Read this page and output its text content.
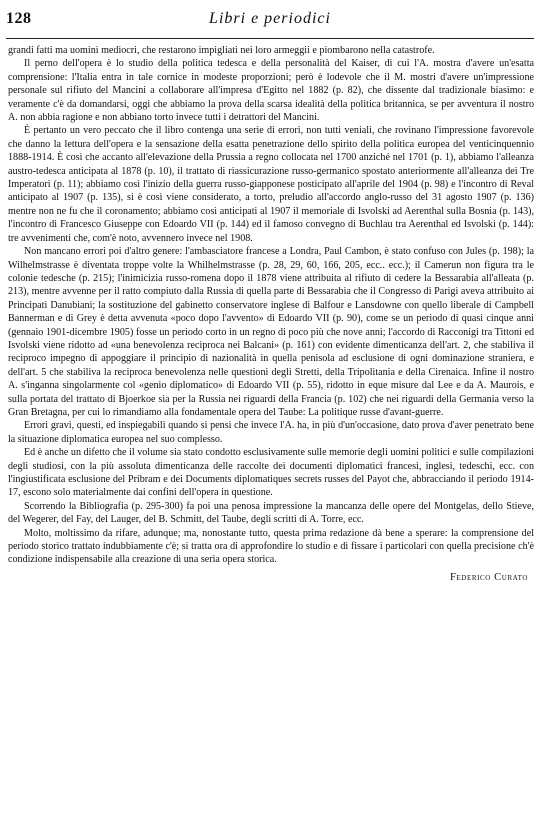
Libri e periodici
128

grandi fatti ma uomini mediocri, che restarono impigliati nei loro armeggii e piombarono nella catastrofe.

Il perno dell'opera è lo studio della politica tedesca e della personalità del Kaiser, di cui l'A. mostra d'avere un'esatta comprensione: l'Italia entra in tale cornice in modeste proporzioni; però è lodevole che il M. mostri d'avere un'impressione personale sul rifiuto del Mancini a collaborare all'impresa d'Egitto nel 1882 (p. 82), che dissente dal tradizionale biasimo: e veramente c'è da domandarsi, oggi che abbiamo la prova della scarsa idealità della politica britannica, se per avventura il nostro A. non abbia ragione e non abbiano torto invece tutti i detrattori del Mancini.

È pertanto un vero peccato che il libro contenga una serie di errori, non tutti veniali, che rovinano l'impressione favorevole che danno la lettura dell'opera e la sensazione della esatta penetrazione dello spirito della politica europea del venticinquennio 1888-1914. È così che accanto all'elevazione della Prussia a regno collocata nel 1700 anziché nel 1701 (p. 1), abbiamo l'alleanza austro-tedesca anticipata al 1878 (p. 10), il trattato di riassicurazione russo-germanico spostato anteriormente all'alleanza dei Tre Imperatori (p. 11); abbiamo così l'inizio della guerra russo-giapponese posticipato all'aprile del 1904 (p. 98) e l'incontro di Reval anticipato al 1907 (p. 135), si è così viene considerato, a torto, preludio all'accordo anglo-russo del 31 agosto 1907 (p. 136) mentre non ne fu che il coronamento; abbiamo così anticipati al 1907 il memoriale di Isvolski ad Aerenthal sulla Bosnia (p. 143), l'incontro di Francesco Giuseppe con Edoardo VII (p. 144) ed il famoso convegno di Buchlau tra Aerenthal ed Isvolski (p. 144): tre avvenimenti che, com'è noto, avvennero invece nel 1908.

Non mancano errori poi d'altro genere: l'ambasciatore francese a Londra, Paul Cambon, è stato confuso con Jules (p. 198); la Wilhelmstrasse è diventata troppe volte la Whilhelmstrasse (p. 28, 29, 60, 166, 205, ecc.. ecc.); il Camerun non figura tra le colonie tedesche (p. 215); l'inimicizia russo-romena dopo il 1878 viene attribuita al rifiuto di cedere la Bessarabia all'alleata (p. 213), mentre avvenne per il ratto compiuto dalla Russia di quella parte di Bessarabia che il Congresso di Parigi aveva attribuito ai Principati Danubiani; la sostituzione del gabinetto conservatore inglese di Balfour e Lansdowne con quello liberale di Campbell Bannerman e di Grey è detta avvenuta «poco dopo l'avvento» di Edoardo VII (p. 90), come se un periodo di quasi cinque anni (gennaio 1901-dicembre 1905) fosse un periodo corto in un regno di poco più che nove anni; l'accordo di Racconigi tra Tittoni ed Isvolski viene ridotto ad «una benevolenza reciproca nei Balcani» (p. 161) con evidente dimenticanza dell'art. 2, che stabiliva il reciproco impegno di appoggiare il principio di nazionalità in quella penisola ad esclusione di ogni dominazione straniera, e dell'art. 5 che stabiliva la reciproca benevolenza nelle questioni degli Stretti, della Tripolitania e della Cirenaica. Infine il nostro A. s'inganna singolarmente col «genio diplomatico» di Edoardo VII (p. 55), ridotto in eque misure dal Lee e da A. Maurois, e sulla portata del trattato di Bjoerkoe sia per la Russia nei riguardi della Francia (p. 102) che nei riguardi della Germania verso la Gran Bretagna, per cui lo rimandiamo alla fondamentale opera del Taube: La politique russe d'avant-guerre.

Errori gravi, questi, ed inspiegabili quando si pensi che invece l'A. ha, in più d'un'occasione, dato prova d'aver penetrato bene la situazione diplomatica europea nel suo complesso.

Ed è anche un difetto che il volume sia stato condotto esclusivamente sulle memorie degli uomini politici e sulle compilazioni degli studiosi, con la più assoluta dimenticanza delle raccolte dei documenti diplomatici francesi, inglesi, tedeschi, ecc. con l'ingiustificata esclusione del Pribram e dei Documents diplomatiques secrets russes del Payot che, abbracciando il periodo 1914-17, escono solo materialmente dai confini dell'opera in questione.

Scorrendo la Bibliografia (p. 295-300) fa poi una penosa impressione la mancanza delle opere del Montgelas, dello Stieve, del Wegerer, del Fay, del Lauger, del B. Schmitt, del Taube, degli scritti di A. Torre, ecc.

Molto, moltissimo da rifare, adunque; ma, nonostante tutto, questa prima redazione dà bene a sperare: la comprensione del periodo storico trattato indubbiamente c'è; si tratta ora di approfondire lo studio e di fissare i particolari con quella precisione ch'è condizione indispensabile alla creazione di una seria opera storica.

Federico Curato
